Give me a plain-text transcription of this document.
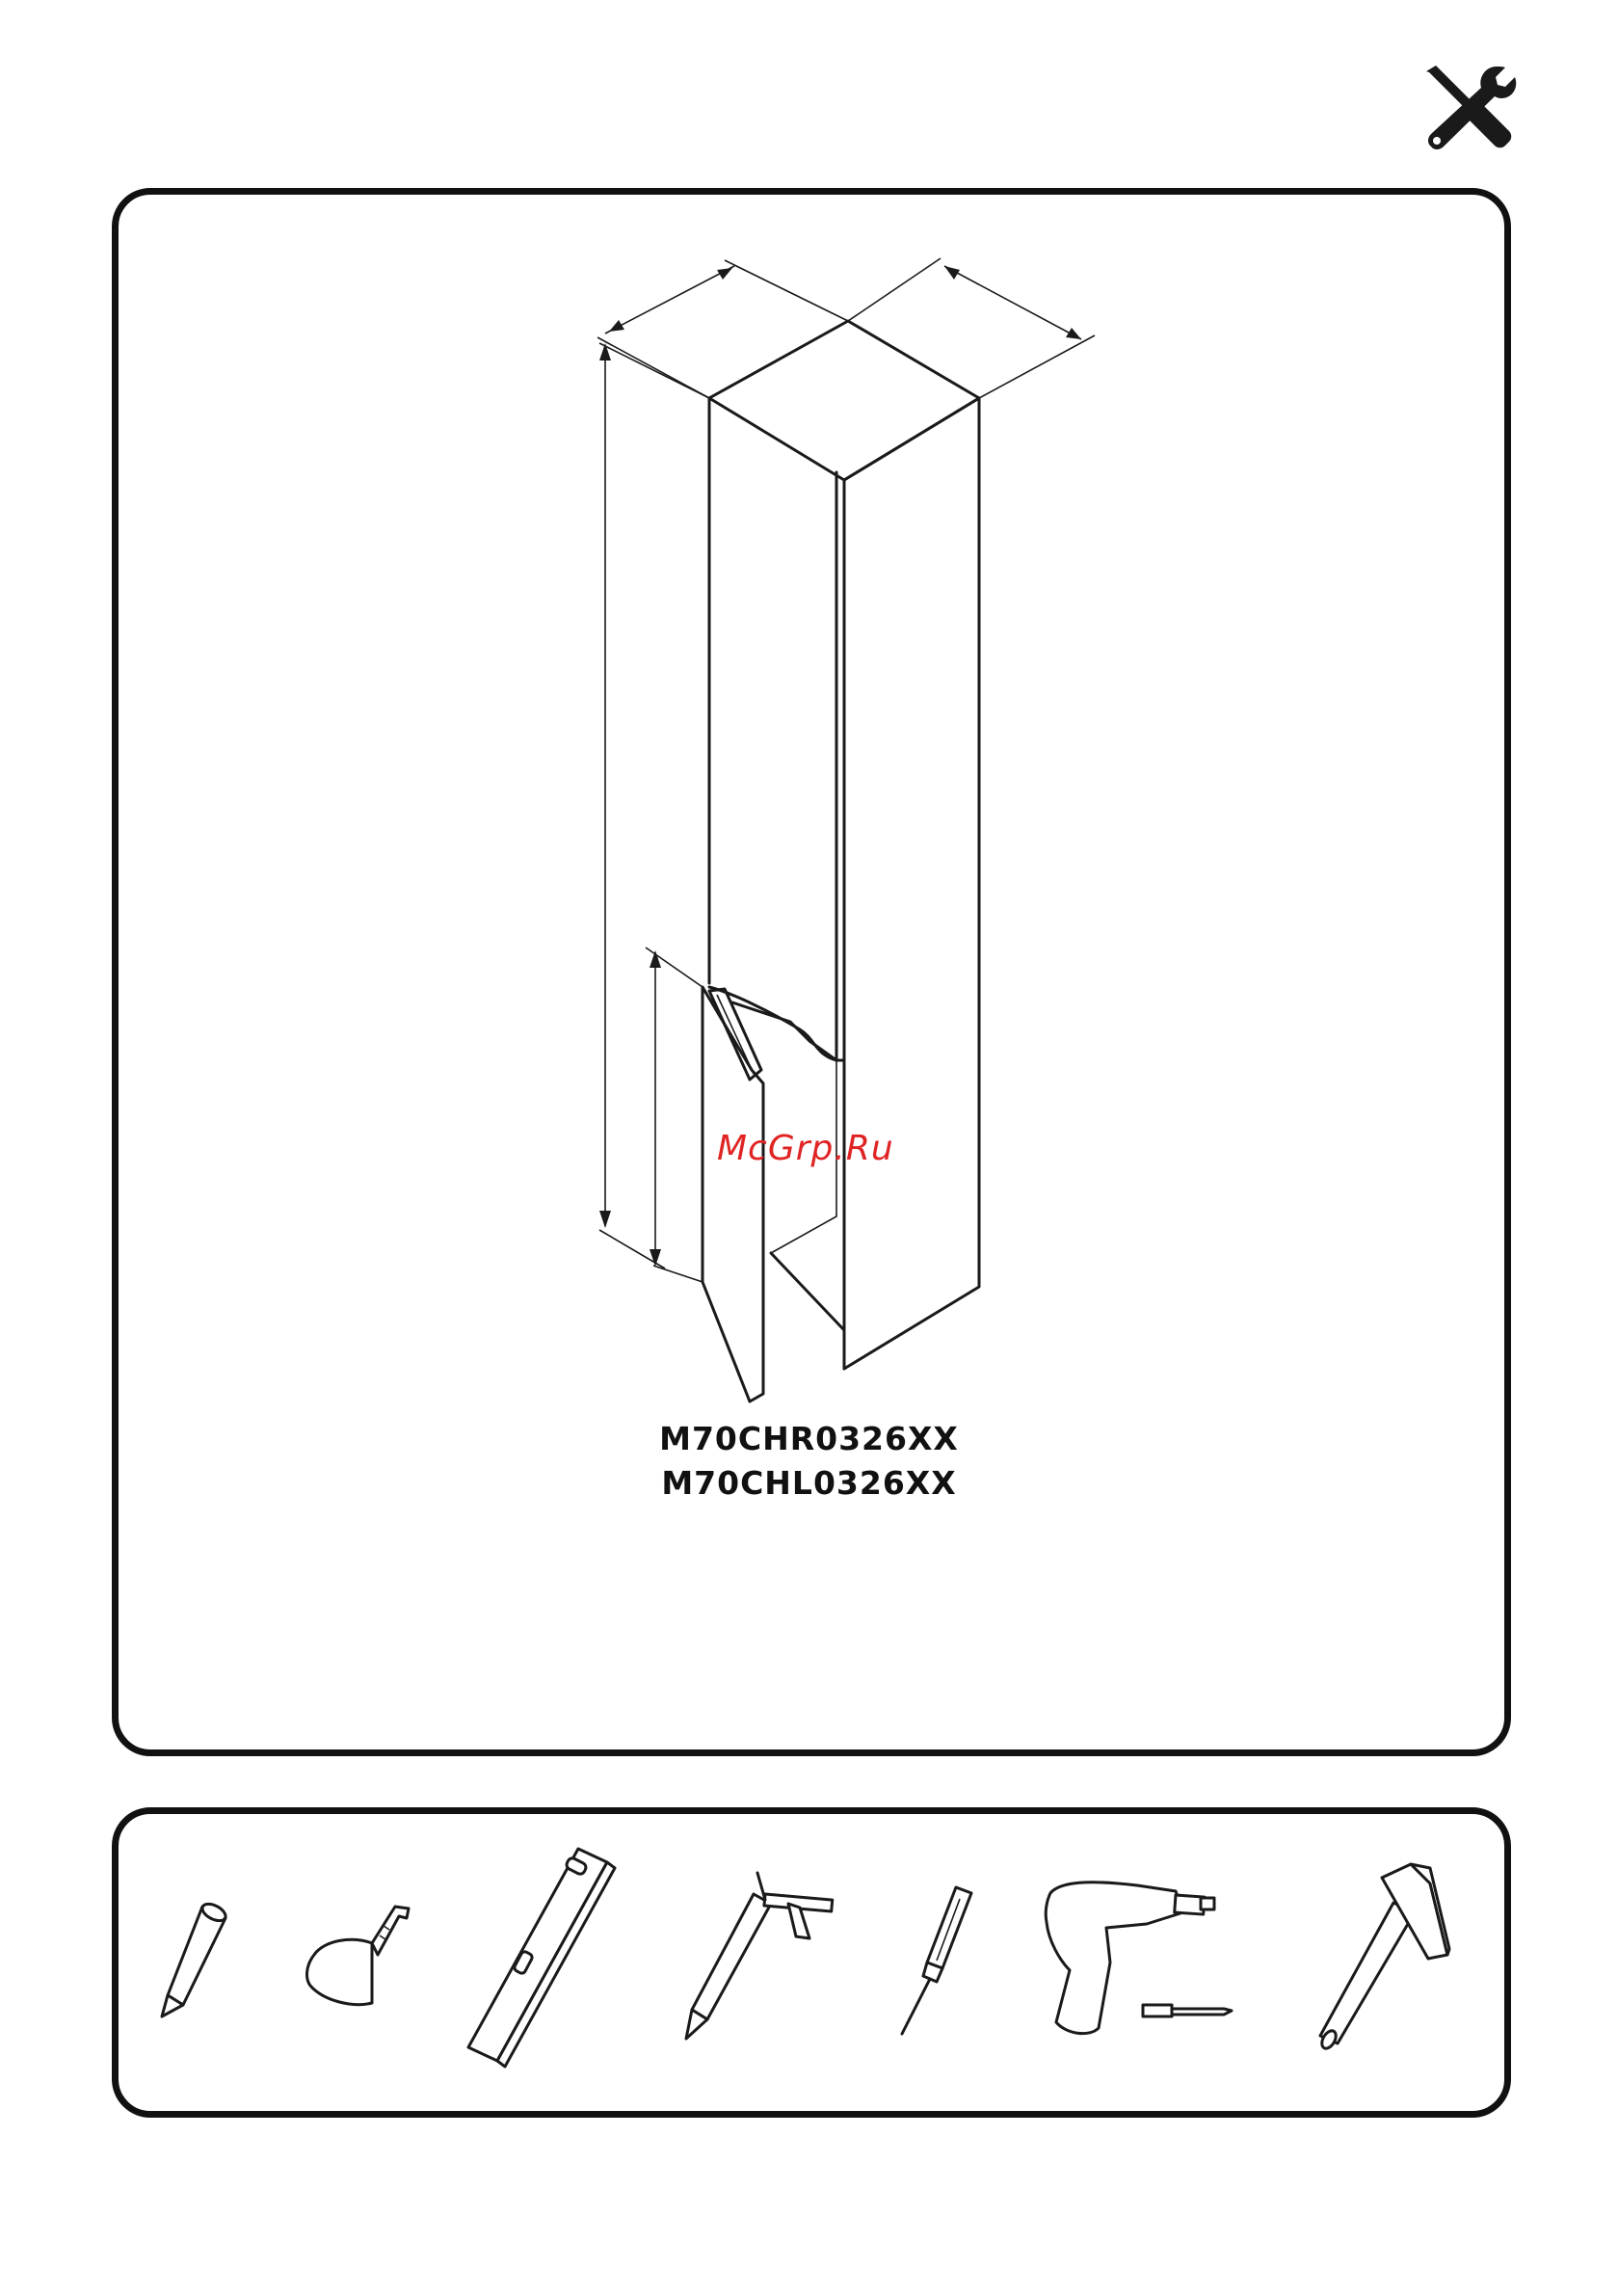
McGrp.Ru
M70CHR0326XX
M70CHL0326XX
